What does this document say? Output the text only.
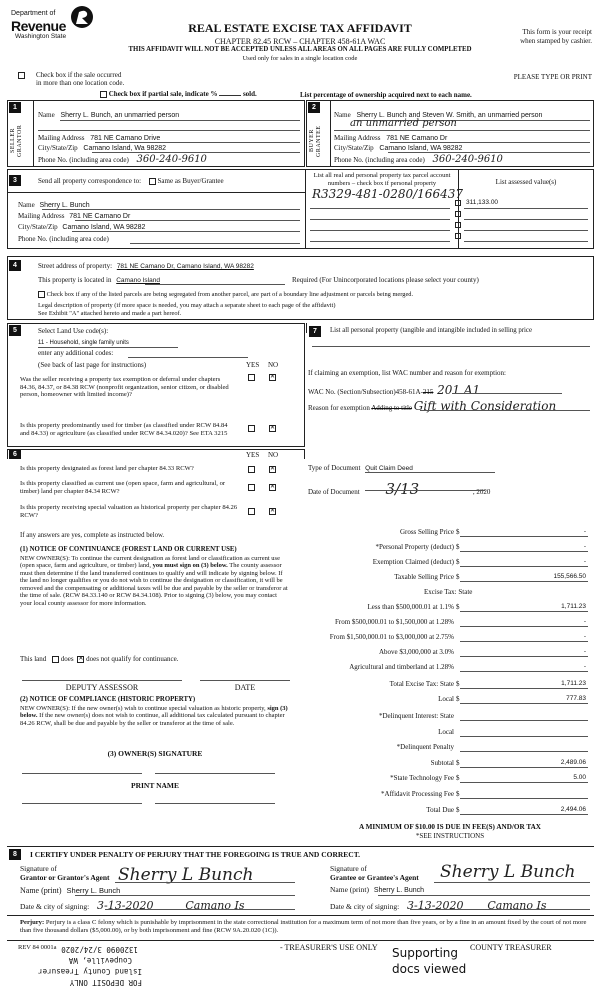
Department of
Revenue
Washington State
REAL ESTATE EXCISE TAX AFFIDAVIT
CHAPTER 82.45 RCW – CHAPTER 458-61A WAC
THIS AFFIDAVIT WILL NOT BE ACCEPTED UNLESS ALL AREAS ON ALL PAGES ARE FULLY COMPLETED
Used only for sales in a single location code
This form is your receipt
when stamped by cashier.
PLEASE TYPE OR PRINT
Check box if the sale occurred
in more than one location code.
Check box if partial sale, indicate %	sold.	List percentage of ownership acquired next to each name.
1
SELLER GRANTOR
Name Sherry L. Bunch, an unmarried person
Mailing Address 781 NE Camano Drive
City/State/Zip Camano Island, Wa 98282
Phone No. (including area code) 360-240-9610
2
BUYER GRANTEE
Name Sherry L. Bunch and Steven W. Smith, an unmarried person
an unmarried person
Mailing Address 781 NE Camano Dr
City/State/Zip Camano Island, WA 98282
Phone No. (including area code) 360-240-9610
3	Send all property correspondence to: Same as Buyer/Grantee
Name Sherry L. Bunch
Mailing Address 781 NE Camano Dr
City/State/Zip Camano Island, WA 98282
Phone No. (including area code)
List all real and personal property tax parcel account
numbers – check box if personal property	List assessed value(s)
R3329-481-0280/166437
311,133.00
4	Street address of property: 781 NE Camano Dr, Camano Island, WA 98282
This property is located in Camano Island	Required (For Unincorporated locations please select your county)
Check box if any of the listed parcels are being segregated from another parcel, are part of a boundary line adjustment or parcels being merged.
Legal description of property (if more space is needed, you may attach a separate sheet to each page of the affidavit)
See Exhibit "A" attached hereto and made a part hereof.
5	Select Land Use code(s):
11 - Household, single family units
enter any additional codes:
(See back of last page for instructions)	YES NO
Was the seller receiving a property tax exemption or deferral under chapters 84.36, 84.37, or 84.38 RCW (nonprofit organization, senior citizen, or disabled person, homeowner with limited income)?
✕
Is this property predominantly used for timber (as classified under RCW 84.84 and 84.33) or agriculture (as classified under RCW 84.34.020)? See ETA 3215
✕
6	YES NO
Is this property designated as forest land per chapter 84.33 RCW?	✕
Is this property classified as current use (open space, farm and agricultural, or timber) land per chapter 84.34 RCW?
✕
Is this property receiving special valuation as historical property per chapter 84.26 RCW?
✕
If any answers are yes, complete as instructed below.
(1) NOTICE OF CONTINUANCE (FOREST LAND OR CURRENT USE)
NEW OWNER(S): To continue the current designation as forest land or classification as current use (open space, farm and agriculture, or timber) land, you must sign on (3) below. The county assessor must then determine if the land transferred continues to qualify and will indicate by signing below. If the land no longer qualifies or you do not wish to continue the designation or classification, it will be removed and the compensating or additional taxes will be due and payable by the seller or transferor at the time of sale. (RCW 84.33.140 or RCW 84.34.108). Prior to signing (3) below, you may contact your local county assessor for more information.
This land does ✕ does not qualify for continuance.
DEPUTY ASSESSOR	DATE
(2) NOTICE OF COMPLIANCE (HISTORIC PROPERTY)
NEW OWNER(S): If the new owner(s) wish to continue special valuation as historic property, sign (3) below. If the new owner(s) does not wish to continue, all additional tax calculated pursuant to chapter 84.26 RCW, shall be due and payable by the seller or transferor at the time of sale.
(3) OWNER(S) SIGNATURE
PRINT NAME
7	List all personal property (tangible and intangible included in selling price
If claiming an exemption, list WAC number and reason for exemption:
WAC No. (Section/Subsection)458-61A-215 201 A1
Reason for exemption Adding to title Gift with Consideration
Type of Document Quit Claim Deed
Date of Document 3/13	, 2020
Gross Selling Price $	-
*Personal Property (deduct) $	-
Exemption Claimed (deduct) $	-
Taxable Selling Price $	155,566.50
Excise Tax: State
Less than $500,000.01 at 1.1% $	1,711.23
From $500,000.01 to $1,500,000 at 1.28%	-
From $1,500,000.01 to $3,000,000 at 2.75%	-
Above $3,000,000 at 3.0%	-
Agricultural and timberland at 1.28%	-
Total Excise Tax: State $	1,711.23
Local $	777.83
*Delinquent Interest: State
Local
*Delinquent Penalty
Subtotal $	2,489.06
*State Technology Fee $	5.00
*Affidavit Processing Fee $
Total Due $	2,494.06
A MINIMUM OF $10.00 IS DUE IN FEE(S) AND/OR TAX
*SEE INSTRUCTIONS
8	I CERTIFY UNDER PENALTY OF PERJURY THAT THE FOREGOING IS TRUE AND CORRECT.
Signature of
Grantor or Grantor's Agent Sherry L Bunch
Name (print) Sherry L. Bunch
Date & city of signing: 3-13-2020	Camano Is
Signature of
Grantee or Grantee's Agent Sherry L Bunch
Name (print) Sherry L. Bunch
Date & city of signing: 3-13-2020 Camano Is
Perjury: Perjury is a class C felony which is punishable by imprisonment in the state correctional institution for a maximum term of not more than five years, or by a fine in an amount fixed by the court of not more than five thousand dollars ($5,000.00), or by both imprisonment and fine (RCW 9A.20.020 (1C)).
REV 84 0001a	- TREASURER'S USE ONLY	COUNTY TREASURER
Supporting
docs viewed
FOR DEPOSIT ONLY
Island County Treasurer
Coupeville, WA
1320090 3/24/2020
